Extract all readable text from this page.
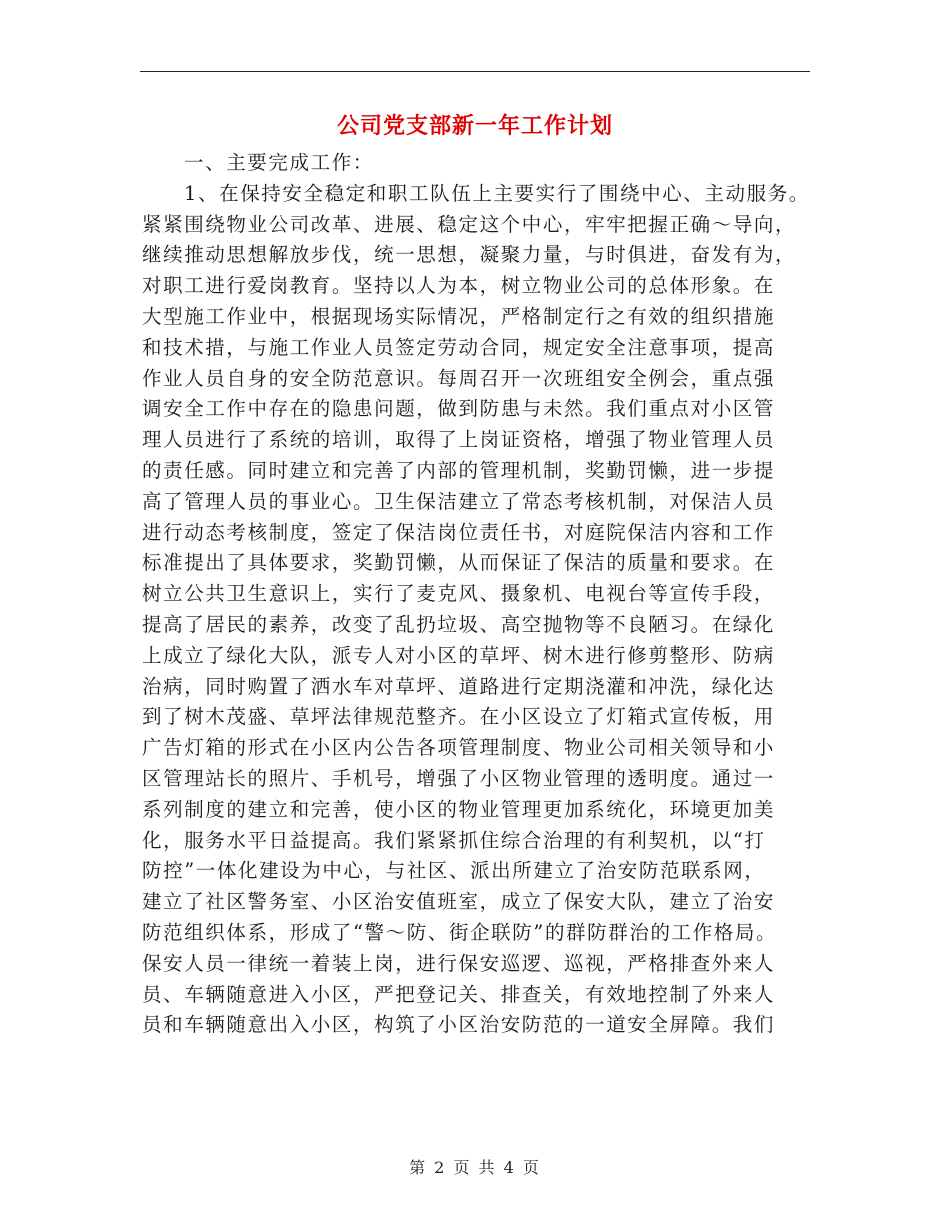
公司党支部新一年工作计划
一、主要完成工作：
1、在保持安全稳定和职工队伍上主要实行了围绕中心、主动服务。
紧紧围绕物业公司改革、进展、稳定这个中心，牢牢把握正确～导向，
继续推动思想解放步伐，统一思想，凝聚力量，与时俱进，奋发有为，
对职工进行爱岗教育。坚持以人为本，树立物业公司的总体形象。在
大型施工作业中，根据现场实际情况，严格制定行之有效的组织措施
和技术措，与施工作业人员签定劳动合同，规定安全注意事项，提高
作业人员自身的安全防范意识。每周召开一次班组安全例会，重点强
调安全工作中存在的隐患问题，做到防患与未然。我们重点对小区管
理人员进行了系统的培训，取得了上岗证资格，增强了物业管理人员
的责任感。同时建立和完善了内部的管理机制，奖勤罚懒，进一步提
高了管理人员的事业心。卫生保洁建立了常态考核机制，对保洁人员
进行动态考核制度，签定了保洁岗位责任书，对庭院保洁内容和工作
标准提出了具体要求，奖勤罚懒，从而保证了保洁的质量和要求。在
树立公共卫生意识上，实行了麦克风、摄象机、电视台等宣传手段，
提高了居民的素养，改变了乱扔垃圾、高空抛物等不良陋习。在绿化
上成立了绿化大队，派专人对小区的草坪、树木进行修剪整形、防病
治病，同时购置了洒水车对草坪、道路进行定期浇灌和冲洗，绿化达
到了树木茂盛、草坪法律规范整齐。在小区设立了灯箱式宣传板，用
广告灯箱的形式在小区内公告各项管理制度、物业公司相关领导和小
区管理站长的照片、手机号，增强了小区物业管理的透明度。通过一
系列制度的建立和完善，使小区的物业管理更加系统化，环境更加美
化，服务水平日益提高。我们紧紧抓住综合治理的有利契机，以“打
防控”一体化建设为中心，与社区、派出所建立了治安防范联系网，
建立了社区警务室、小区治安值班室，成立了保安大队，建立了治安
防范组织体系，形成了“警～防、街企联防”的群防群治的工作格局。
保安人员一律统一着装上岗，进行保安巡逻、巡视，严格排查外来人
员、车辆随意进入小区，严把登记关、排查关，有效地控制了外来人
员和车辆随意出入小区，构筑了小区治安防范的一道安全屏障。我们
第 2 页 共 4 页
